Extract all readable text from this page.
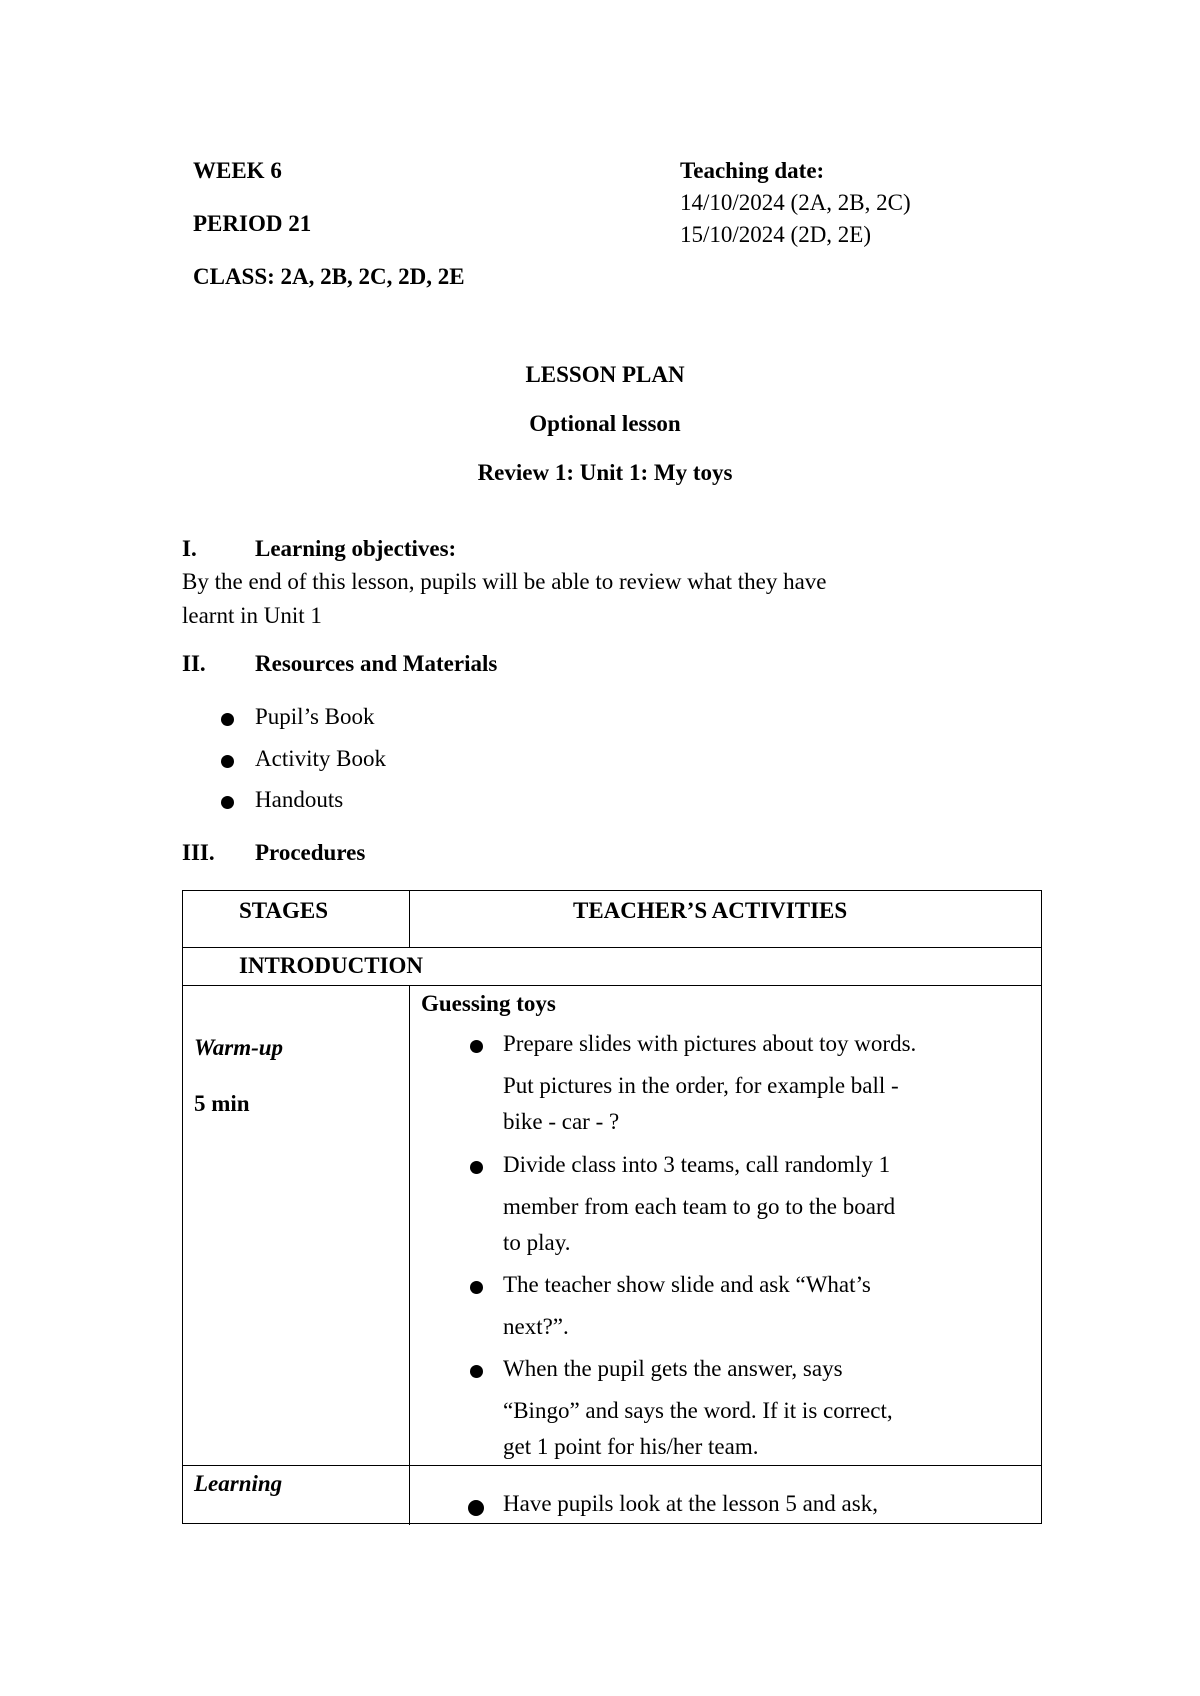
WEEK 6
PERIOD 21
CLASS: 2A, 2B, 2C, 2D, 2E
Teaching date:
14/10/2024 (2A, 2B, 2C)
15/10/2024 (2D, 2E)
LESSON PLAN
Optional lesson
Review 1: Unit 1: My toys
I.	Learning objectives:
By the end of this lesson, pupils will be able to review what they have
learnt in Unit 1
II. Resources and Materials
Pupil’s Book
Activity Book
Handouts
III. Procedures
STAGES	TEACHER’S ACTIVITIES
INTRODUCTION
Warm-up
5 min
Guessing toys
Prepare slides with pictures about toy words.
Put pictures in the order, for example ball -
bike - car - ?
Divide class into 3 teams, call randomly 1
member from each team to go to the board
to play.
The teacher show slide and ask “What’s
next?”.
When the pupil gets the answer, says
“Bingo” and says the word. If it is correct,
get 1 point for his/her team.
Learning
Have pupils look at the lesson 5 and ask,
